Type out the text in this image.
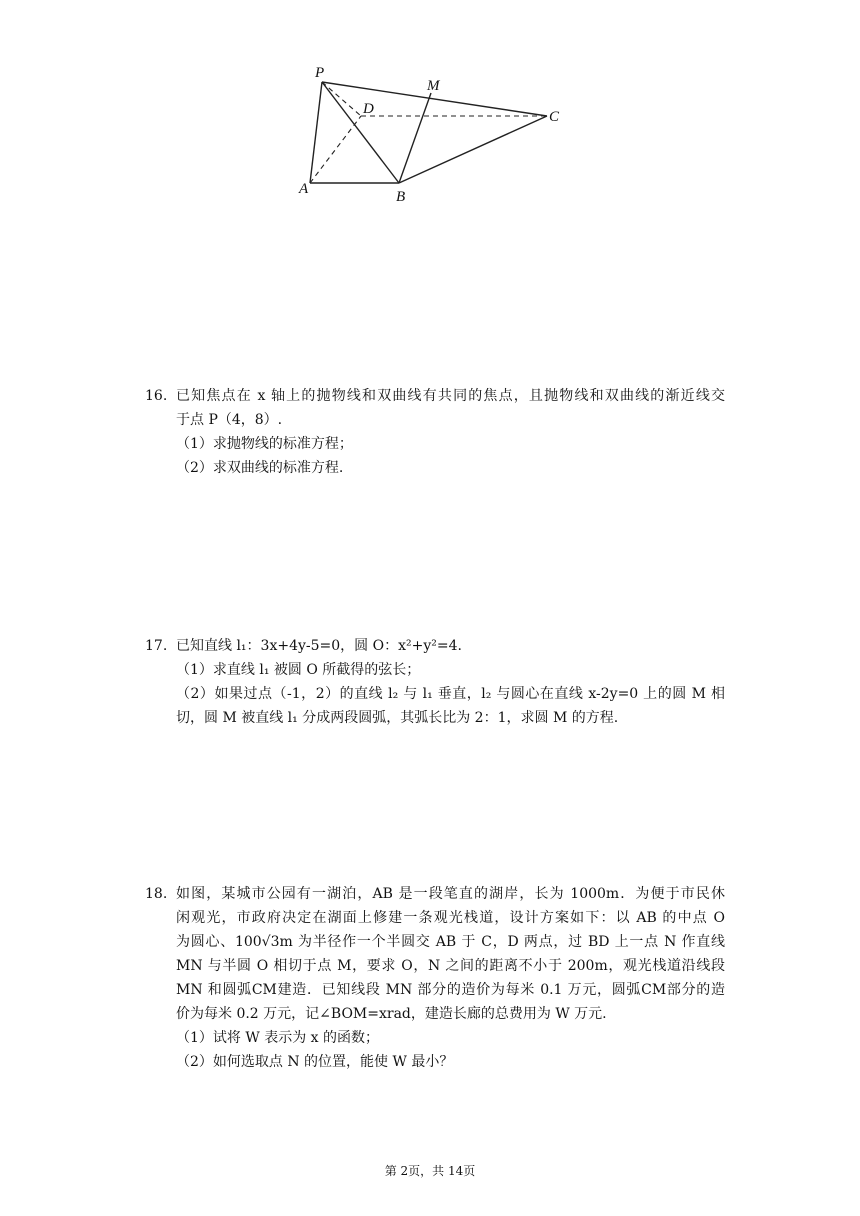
P
M
D	C
A	B
16. 已知焦点在 x 轴上的抛物线和双曲线有共同的焦点，且抛物线和双曲线的渐近线交
于点 P（4，8）.
（1）求抛物线的标准方程；
（2）求双曲线的标准方程.
17. 已知直线 l₁：3x+4y-5=0，圆 O：x²+y²=4.
（1）求直线 l₁ 被圆 O 所截得的弦长；
（2）如果过点（-1，2）的直线 l₂ 与 l₁ 垂直，l₂ 与圆心在直线 x-2y=0 上的圆 M 相
切，圆 M 被直线 l₁ 分成两段圆弧，其弧长比为 2：1，求圆 M 的方程.
18. 如图，某城市公园有一湖泊，AB 是一段笔直的湖岸，长为 1000m．为便于市民休
闲观光，市政府决定在湖面上修建一条观光栈道，设计方案如下：以 AB 的中点 O
为圆心、100√3m 为半径作一个半圆交 AB 于 C，D 两点，过 BD 上一点 N 作直线
MN 与半圆 O 相切于点 M，要求 O，N 之间的距离不小于 200m，观光栈道沿线段
MN 和圆弧CM建造．已知线段 MN 部分的造价为每米 0.1 万元，圆弧CM部分的造
价为每米 0.2 万元，记∠BOM=xrad，建造长廊的总费用为 W 万元.
（1）试将 W 表示为 x 的函数；
（2）如何选取点 N 的位置，能使 W 最小？
第 2页，共 14页
